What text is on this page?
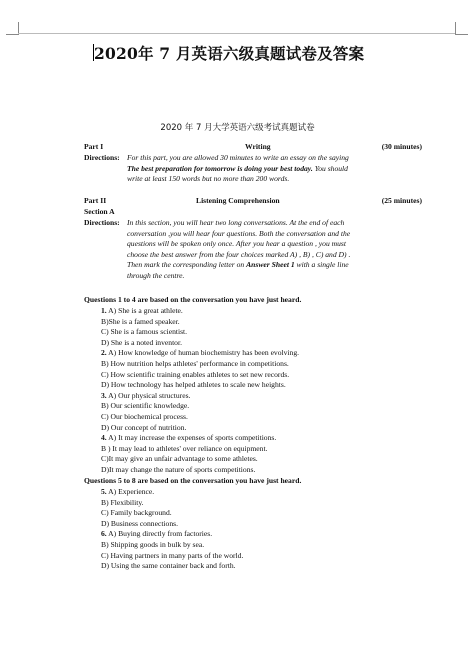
2020年 7 月英语六级真题试卷及答案
2020 年 7 月大学英语六级考试真题试卷
Part I	Writing	(30 minutes)
Directions: For this part, you are allowed 30 minutes to write an essay on the saying
The best preparation for tomorrow is doing your best today. You should
write at least 150 words but no more than 200 words.
Part II	Listening Comprehension	(25 minutes)
Section A
Directions: In this section, you will hear two long conversations. At the end of each
conversation ,you will hear four questions. Both the conversation and the
questions will be spoken only once. After you hear a question , you must
choose the best answer from the four choices marked A) , B) , C) and D) .
Then mark the corresponding letter on Answer Sheet 1 with a single line
through the centre.
Questions 1 to 4 are based on the conversation you have just heard.
1. A) She is a great athlete.
B)She is a famed speaker.
C) She is a famous scientist.
D) She is a noted inventor.
2. A) How knowledge of human biochemistry has been evolving.
B) How nutrition helps athletes' performance in competitions.
C) How scientific training enables athletes to set new records.
D) How technology has helped athletes to scale new heights.
3. A) Our physical structures.
B) Our scientific knowledge.
C) Our biochemical process.
D) Our concept of nutrition.
4. A) It may increase the expenses of sports competitions.
B ) It may lead to athletes' over reliance on equipment.
C)It may give an unfair advantage to some athletes.
D)It may change the nature of sports competitions.
Questions 5 to 8 are based on the conversation you have just heard.
5. A) Experience.
B) Flexibility.
C) Family background.
D) Business connections.
6. A) Buying directly from factories.
B) Shipping goods in bulk by sea.
C) Having partners in many parts of the world.
D) Using the same container back and forth.
